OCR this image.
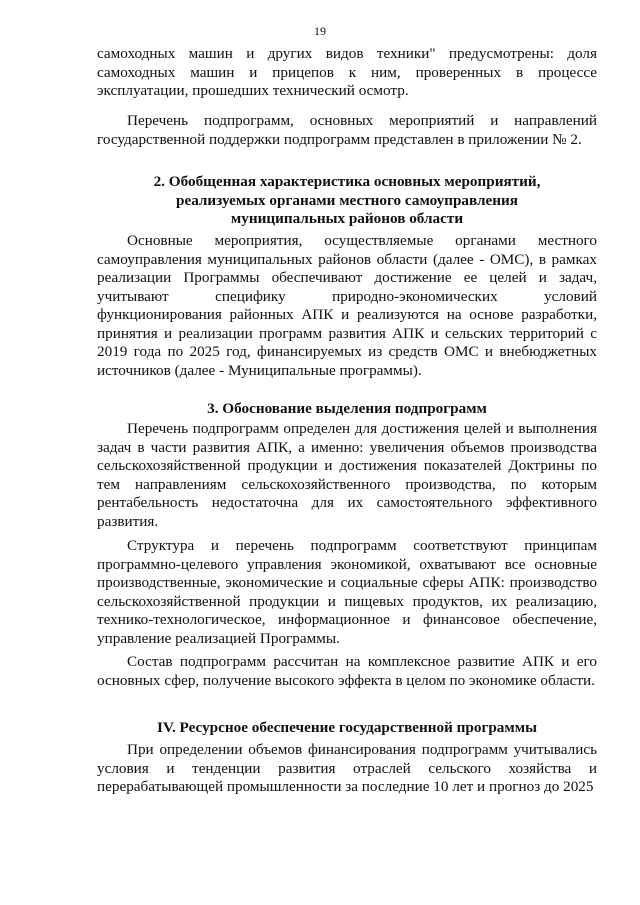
19

самоходных машин и других видов техники" предусмотрены: доля самоходных машин и прицепов к ним, проверенных в процессе эксплуатации, прошедших технический осмотр.

Перечень подпрограмм, основных мероприятий и направлений государственной поддержки подпрограмм представлен в приложении № 2.

2. Обобщенная характеристика основных мероприятий,
реализуемых органами местного самоуправления
муниципальных районов области

Основные мероприятия, осуществляемые органами местного самоуправления муниципальных районов области (далее - ОМС), в рамках реализации Программы обеспечивают достижение ее целей и задач, учитывают специфику природно-экономических условий функционирования районных АПК и реализуются на основе разработки, принятия и реализации программ развития АПК и сельских территорий с 2019 года по 2025 год, финансируемых из средств ОМС и внебюджетных источников (далее - Муниципальные программы).

3. Обоснование выделения подпрограмм

Перечень подпрограмм определен для достижения целей и выполнения задач в части развития АПК, а именно: увеличения объемов производства сельскохозяйственной продукции и достижения показателей Доктрины по тем направлениям сельскохозяйственного производства, по которым рентабельность недостаточна для их самостоятельного эффективного развития.

Структура и перечень подпрограмм соответствуют принципам программно-целевого управления экономикой, охватывают все основные производственные, экономические и социальные сферы АПК: производство сельскохозяйственной продукции и пищевых продуктов, их реализацию, технико-технологическое, информационное и финансовое обеспечение, управление реализацией Программы.

Состав подпрограмм рассчитан на комплексное развитие АПК и его основных сфер, получение высокого эффекта в целом по экономике области.

IV. Ресурсное обеспечение государственной программы

При определении объемов финансирования подпрограмм учитывались условия и тенденции развития отраслей сельского хозяйства и перерабатывающей промышленности за последние 10 лет и прогноз до 2025
